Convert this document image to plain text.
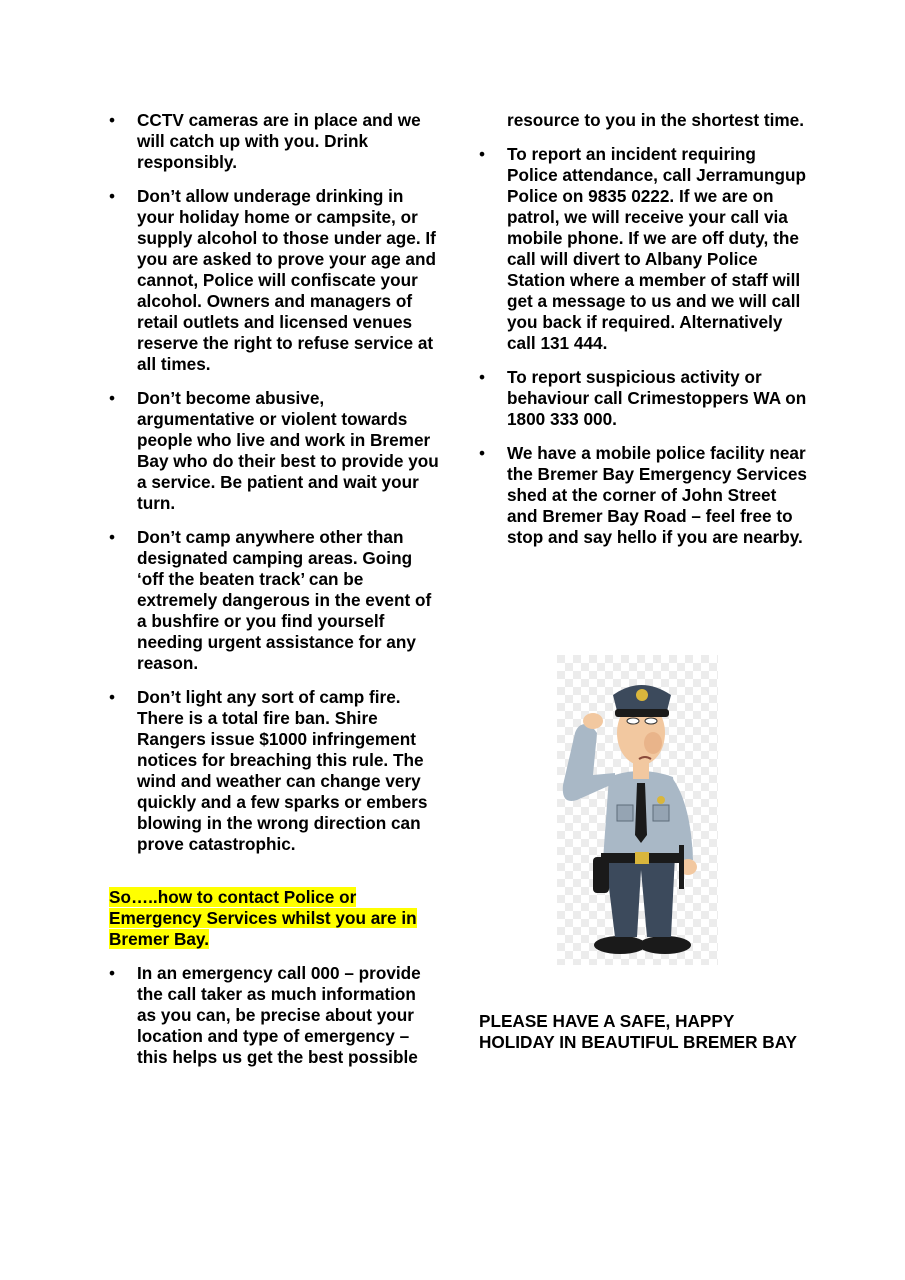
• CCTV cameras are in place and we will catch up with you. Drink responsibly.
• Don’t allow underage drinking in your holiday home or campsite, or supply alcohol to those under age. If you are asked to prove your age and cannot, Police will confiscate your alcohol. Owners and managers of retail outlets and licensed venues reserve the right to refuse service at all times.
• Don’t become abusive, argumentative or violent towards people who live and work in Bremer Bay who do their best to provide you a service. Be patient and wait your turn.
• Don’t camp anywhere other than designated camping areas. Going ‘off the beaten track’ can be extremely dangerous in the event of a bushfire or you find yourself needing urgent assistance for any reason.
• Don’t light any sort of camp fire. There is a total fire ban. Shire Rangers issue $1000 infringement notices for breaching this rule. The wind and weather can change very quickly and a few sparks or embers blowing in the wrong direction can prove catastrophic.
So…..how to contact Police or Emergency Services whilst you are in Bremer Bay.
• In an emergency call 000 – provide the call taker as much information as you can, be precise about your location and type of emergency – this helps us get the best possible
resource to you in the shortest time.
• To report an incident requiring Police attendance, call Jerramungup Police on 9835 0222. If we are on patrol, we will receive your call via mobile phone. If we are off duty, the call will divert to Albany Police Station where a member of staff will get a message to us and we will call you back if required. Alternatively call 131 444.
• To report suspicious activity or behaviour call Crimestoppers WA on 1800 333 000.
• We have a mobile police facility near the Bremer Bay Emergency Services shed at the corner of John Street and Bremer Bay Road – feel free to stop and say hello if you are nearby.
PLEASE HAVE A SAFE, HAPPY HOLIDAY IN BEAUTIFUL BREMER BAY
